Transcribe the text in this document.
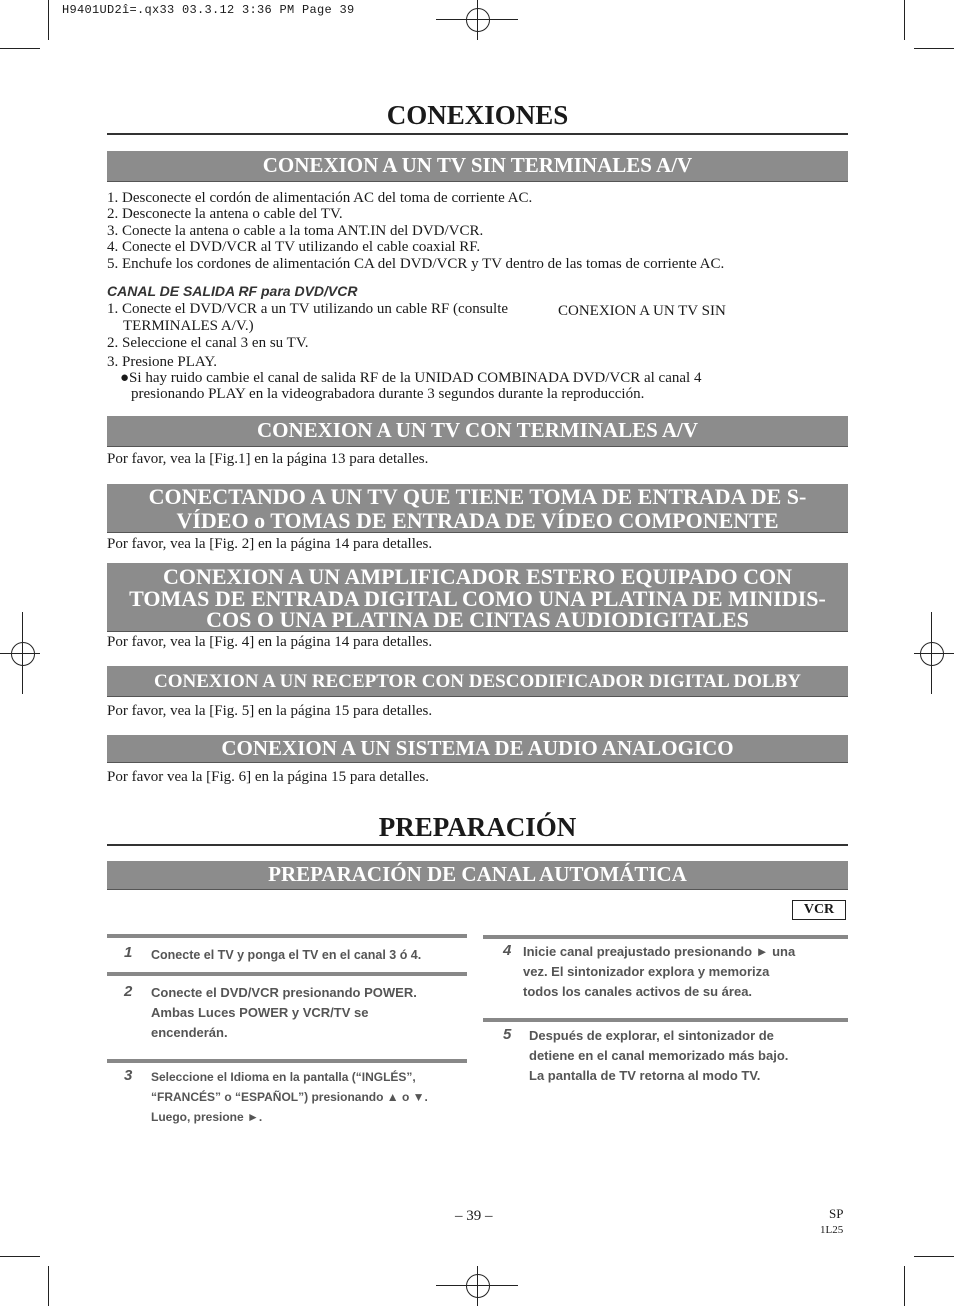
H9401UD2î=.qx33 03.3.12 3:36 PM Page 39
CONEXIONES
CONEXION A UN TV SIN TERMINALES A/V
1. Desconecte el cordón de alimentación AC del toma de corriente AC.
2. Desconecte la antena o cable del TV.
3. Conecte la antena o cable a la toma ANT.IN del DVD/VCR.
4. Conecte el DVD/VCR al TV utilizando el cable coaxial RF.
5. Enchufe los cordones de alimentación CA del DVD/VCR y TV dentro de las tomas de corriente AC.
CANAL DE SALIDA RF para DVD/VCR
1. Conecte el DVD/VCR a un TV utilizando un cable RF (consulte	CONEXION A UN TV SIN
TERMINALES A/V.)
2. Seleccione el canal 3 en su TV.
3. Presione PLAY.
●Si hay ruido cambie el canal de salida RF de la UNIDAD COMBINADA DVD/VCR al canal 4
presionando PLAY en la videograbadora durante 3 segundos durante la reproducción.
CONEXION A UN TV CON TERMINALES A/V
Por favor, vea la [Fig.1] en la página 13 para detalles.
CONECTANDO A UN TV QUE TIENE TOMA DE ENTRADA DE S-
VÍDEO o TOMAS DE ENTRADA DE VÍDEO COMPONENTE
Por favor, vea la [Fig. 2] en la página 14 para detalles.
CONEXION A UN AMPLIFICADOR ESTERO EQUIPADO CON
TOMAS DE ENTRADA DIGITAL COMO UNA PLATINA DE MINIDIS-
COS O UNA PLATINA DE CINTAS AUDIODIGITALES
Por favor, vea la [Fig. 4] en la página 14 para detalles.
CONEXION A UN RECEPTOR CON DESCODIFICADOR DIGITAL DOLBY
Por favor, vea la [Fig. 5] en la página 15 para detalles.
CONEXION A UN SISTEMA DE AUDIO ANALOGICO
Por favor vea la [Fig. 6] en la página 15 para detalles.
PREPARACIÓN
PREPARACIÓN DE CANAL AUTOMÁTICA
VCR
1 Conecte el TV y ponga el TV en el canal 3 ó 4.
2 Conecte el DVD/VCR presionando POWER.
Ambas Luces POWER y VCR/TV se
encenderán.
3 Seleccione el Idioma en la pantalla (“INGLÉS”,
“FRANCÉS” o “ESPAÑOL”) presionando ▲ o ▼.
Luego, presione ►.
4 Inicie canal preajustado presionando ► una
vez. El sintonizador explora y memoriza
todos los canales activos de su área.
5 Después de explorar, el sintonizador de
detiene en el canal memorizado más bajo.
La pantalla de TV retorna al modo TV.
– 39 –	SP
1L25
